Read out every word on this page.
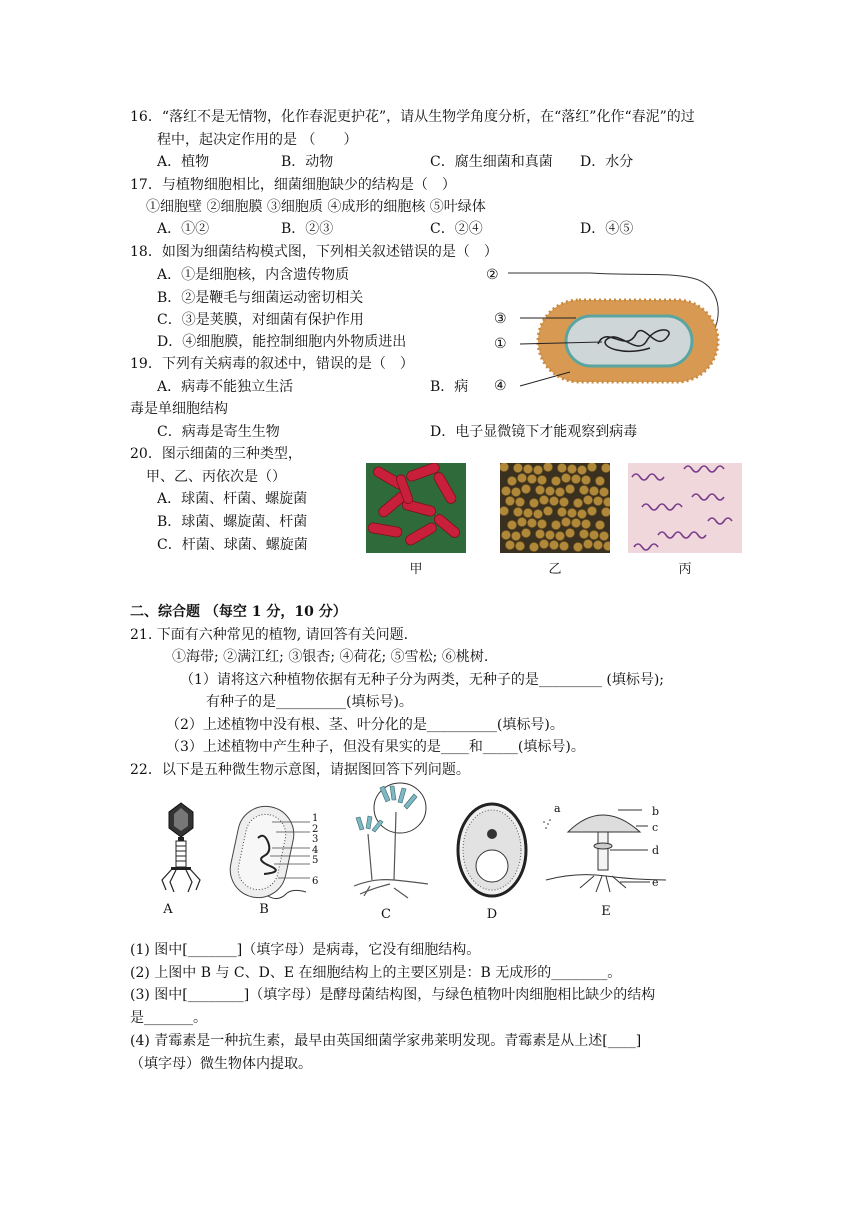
16．“落红不是无情物，化作春泥更护花”，请从生物学角度分析，在“落红”化作“春泥”的过
程中，起决定作用的是 （　　）
A．植物	B．动物	C．腐生细菌和真菌 D．水分
17．与植物细胞相比，细菌细胞缺少的结构是（　）
①细胞壁 ②细胞膜 ③细胞质 ④成形的细胞核 ⑤叶绿体
A．①②	B．②③	C．②④	D．④⑤
18．如图为细菌结构模式图，下列相关叙述错误的是（　）
A．①是细胞核，内含遗传物质
B．②是鞭毛与细菌运动密切相关
C．③是荚膜，对细菌有保护作用
D．④细胞膜，能控制细胞内外物质进出
②
③
①
④
19．下列有关病毒的叙述中，错误的是（　）
A．病毒不能独立生活	B．病
毒是单细胞结构
C．病毒是寄生生物	D．电子显微镜下才能观察到病毒
20．图示细菌的三种类型，
甲、乙、丙依次是（）
A．球菌、杆菌、螺旋菌
B．球菌、螺旋菌、杆菌
C．杆菌、球菌、螺旋菌
甲	乙	丙
二、综合题 （每空 1 分，10 分）
21. 下面有六种常见的植物, 请回答有关问题.
①海带; ②满江红; ③银杏; ④荷花; ⑤雪松; ⑥桃树.
（1）请将这六种植物依据有无种子分为两类，无种子的是_________ (填标号);
有种子的是__________(填标号)。
（2）上述植物中没有根、茎、叶分化的是__________(填标号)。
（3）上述植物中产生种子，但没有果实的是____和_____(填标号)。
22．以下是五种微生物示意图，请据图回答下列问题。
1
2
3
4
5
6
a	b
c
d
e
A	B	C	D	E
(1) 图中[_______]（填字母）是病毒，它没有细胞结构。
(2) 上图中 B 与 C、D、E 在细胞结构上的主要区别是：B 无成形的________。
(3) 图中[________]（填字母）是酵母菌结构图，与绿色植物叶肉细胞相比缺少的结构
是_______。
(4) 青霉素是一种抗生素，最早由英国细菌学家弗莱明发现。青霉素是从上述[____]
（填字母）微生物体内提取。
